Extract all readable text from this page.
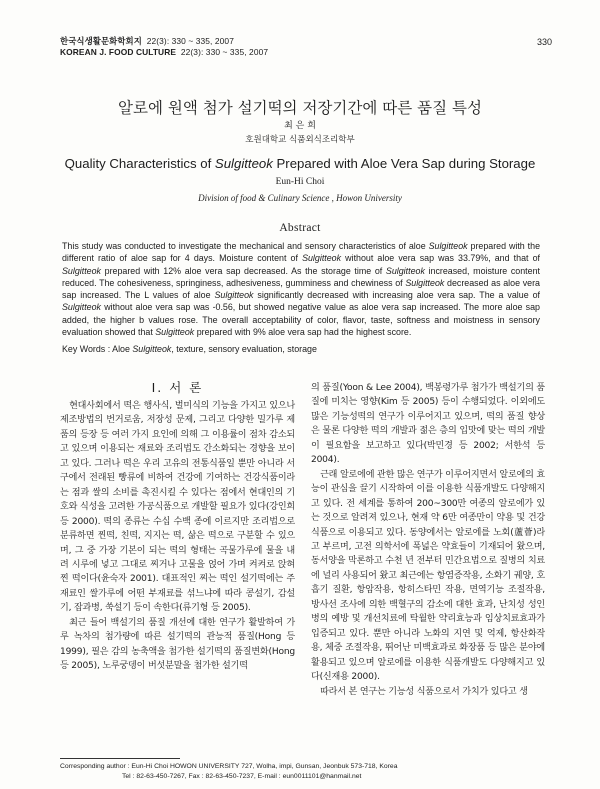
한국식생활문화학회지 22(3): 330 ~ 335, 2007
KOREAN J. FOOD CULTURE 22(3): 330 ~ 335, 2007
330
알로에 원액 첨가 설기떡의 저장기간에 따른 품질 특성
최 은 희
호원대학교 식품외식조리학부
Quality Characteristics of Sulgitteok Prepared with Aloe Vera Sap during Storage
Eun-Hi Choi
Division of food & Culinary Science , Howon University
Abstract
This study was conducted to investigate the mechanical and sensory characteristics of aloe Sulgitteok prepared with the different ratio of aloe sap for 4 days. Moisture content of Sulgitteok without aloe vera sap was 33.79%, and that of Sulgitteok prepared with 12% aloe vera sap decreased. As the storage time of Sulgitteok increased, moisture content reduced. The cohesiveness, springiness, adhesiveness, gumminess and chewiness of Sulgitteok decreased as aloe vera sap increased. The L values of aloe Sulgitteok significantly decreased with increasing aloe vera sap. The a value of Sulgitteok without aloe vera sap was -0.56, but showed negative value as aloe vera sap increased. The more aloe sap added, the higher b values rose. The overall acceptability of color, flavor, taste, softness and moistness in sensory evaluation showed that Sulgitteok prepared with 9% aloe vera sap had the highest score.
Key Words : Aloe Sulgitteok, texture, sensory evaluation, storage
I. 서 론

현대사회에서 떡은 행사식, 벌미식의 기능을 가지고 있으나 제조방법의 번거로움, 저장성 문제, 그리고 다양한 밀가루 제품의 등장 등 여러 가지 요인에 의해 그 이용률이 점차 감소되고 있으며 이용되는 재료와 조리법도 간소화되는 경향을 보이고 있다. 그러나 떡은 우리 고유의 전통식품일 뿐만 아니라 서구에서 전래된 빵류에 비하여 건강에 기여하는 건강식품이라는 점과 쌀의 소비를 촉진시킬 수 있다는 점에서 현대인의 기호와 식성을 고려한 가공식품으로 개발할 필요가 있다(강인희 등 2000). 떡의 종류는 수십 수백 종에 이르지만 조리법으로 분류하면 찐떡, 친떡, 지지는 떡, 삶은 떡으로 구분할 수 있으며, 그 중 가장 기본이 되는 떡의 형태는 곡물가루에 물을 내려 시루에 넣고 그대로 찌거나 고물을 얹어 가며 켜켜로 앉혀 찐 떡이다(윤숙자 2001). 대표적인 찌는 떡인 설기떡에는 주재료인 쌀가루에 어떤 부재료를 섞느냐에 따라 콩설기, 감설기, 잡과병, 쑥설기 등이 속한다(류기형 등 2005).

최근 들어 백설기의 품질 개선에 대한 연구가 활발하여 가루 녹차의 첨가량에 따른 설기떡의 관능적 품질(Hong 등 1999), 필은 감의 농축액을 첨가한 설기떡의 품질변화(Hong 등 2005), 노루궁뎅이 버섯분말을 첨가한 설기떡

의 품질(Yoon & Lee 2004), 백봉령가루 첨가가 백설기의 품질에 미치는 영향(Kim 등 2005) 등이 수행되었다. 이외에도 많은 기능성떡의 연구가 이루어지고 있으며, 떡의 품질 향상은 물론 다양한 떡의 개발과 젊은 층의 입맛에 맞는 떡의 개발이 필요함을 보고하고 있다(박민경 등 2002; 서한석 등 2004).

근래 알로에에 관한 많은 연구가 이루어지면서 알로에의 효능이 관심을 끌기 시작하여 이를 이용한 식품개발도 다양해지고 있다. 전 세계를 통하여 200~300만 여종의 알로에가 있는 것으로 알려져 있으나, 현재 약 6만 여종만이 약용 및 건강식품으로 이용되고 있다. 동양에서는 알로에를 노회(蘆薈)라고 부르며, 고전 의학서에 폭넓은 약효들이 기재되어 왔으며, 동서양을 막론하고 수천 년 전부터 민간요법으로 질병의 치료에 널리 사용되어 왔고 최근에는 항염증작용, 소화기 궤양, 호흡기 질환, 항암작용, 항히스타민 작용, 면역기능 조절작용, 방사선 조사에 의한 백혈구의 감소에 대한 효과, 난치성 성인병의 예방 및 개선치료에 탁월한 약리효능과 임상치료효과가 입증되고 있다. 뿐만 아니라 노화의 지연 및 억제, 항산화작용, 체중 조절작용, 뛰어난 미백효과로 화장품 등 많은 분야에 활용되고 있으며 알로에를 이용한 식품개발도 다양해지고 있다(신재용 2000).

따라서 본 연구는 기능성 식품으로서 가치가 있다고 생

Corresponding author : Eun-Hi Choi HOWON UNIVERSITY 727, Wolha, impi, Gunsan, Jeonbuk 573-718, Korea
Tel : 82-63-450-7267, Fax : 82-63-450-7237, E-mail : eun0011101@hanmail.net
